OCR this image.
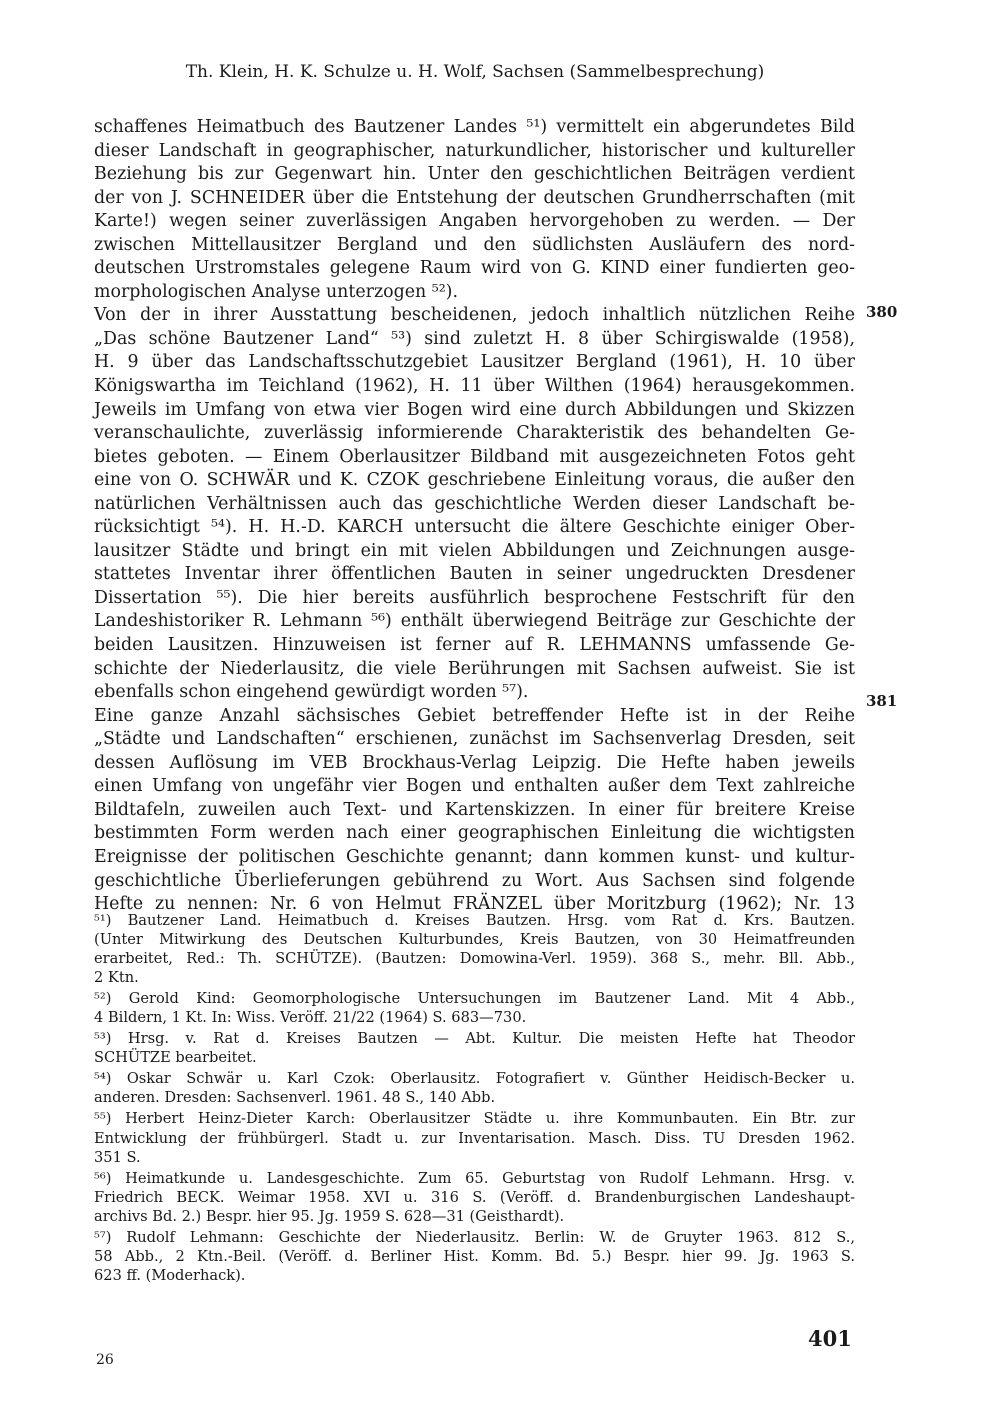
Th. Klein, H. K. Schulze u. H. Wolf, Sachsen (Sammelbesprechung)
schaffenes Heimatbuch des Bautzener Landes ⁵¹) vermittelt ein abgerundetes Bild
dieser Landschaft in geographischer, naturkundlicher, historischer und kultureller
Beziehung bis zur Gegenwart hin. Unter den geschichtlichen Beiträgen verdient
der von J. SCHNEIDER über die Entstehung der deutschen Grundherrschaften (mit
Karte!) wegen seiner zuverlässigen Angaben hervorgehoben zu werden. — Der
zwischen Mittellausitzer Bergland und den südlichsten Ausläufern des nord-
deutschen Urstromstales gelegene Raum wird von G. KIND einer fundierten geo-
morphologischen Analyse unterzogen ⁵²).
Von der in ihrer Ausstattung bescheidenen, jedoch inhaltlich nützlichen Reihe
„Das schöne Bautzener Land“ ⁵³) sind zuletzt H. 8 über Schirgiswalde (1958),
H. 9 über das Landschaftsschutzgebiet Lausitzer Bergland (1961), H. 10 über
Königswartha im Teichland (1962), H. 11 über Wilthen (1964) herausgekommen.
Jeweils im Umfang von etwa vier Bogen wird eine durch Abbildungen und Skizzen
veranschaulichte, zuverlässig informierende Charakteristik des behandelten Ge-
bietes geboten. — Einem Oberlausitzer Bildband mit ausgezeichneten Fotos geht
eine von O. SCHWÄR und K. CZOK geschriebene Einleitung voraus, die außer den
natürlichen Verhältnissen auch das geschichtliche Werden dieser Landschaft be-
rücksichtigt ⁵⁴). H. H.-D. KARCH untersucht die ältere Geschichte einiger Ober-
lausitzer Städte und bringt ein mit vielen Abbildungen und Zeichnungen ausge-
stattetes Inventar ihrer öffentlichen Bauten in seiner ungedruckten Dresdener
Dissertation ⁵⁵). Die hier bereits ausführlich besprochene Festschrift für den
Landeshistoriker R. Lehmann ⁵⁶) enthält überwiegend Beiträge zur Geschichte der
beiden Lausitzen. Hinzuweisen ist ferner auf R. LEHMANNS umfassende Ge-
schichte der Niederlausitz, die viele Berührungen mit Sachsen aufweist. Sie ist
ebenfalls schon eingehend gewürdigt worden ⁵⁷).
Eine ganze Anzahl sächsisches Gebiet betreffender Hefte ist in der Reihe
„Städte und Landschaften“ erschienen, zunächst im Sachsenverlag Dresden, seit
dessen Auflösung im VEB Brockhaus-Verlag Leipzig. Die Hefte haben jeweils
einen Umfang von ungefähr vier Bogen und enthalten außer dem Text zahlreiche
Bildtafeln, zuweilen auch Text- und Kartenskizzen. In einer für breitere Kreise
bestimmten Form werden nach einer geographischen Einleitung die wichtigsten
Ereignisse der politischen Geschichte genannt; dann kommen kunst- und kultur-
geschichtliche Überlieferungen gebührend zu Wort. Aus Sachsen sind folgende
Hefte zu nennen: Nr. 6 von Helmut FRÄNZEL über Moritzburg (1962); Nr. 13
380
381
⁵¹) Bautzener Land. Heimatbuch d. Kreises Bautzen. Hrsg. vom Rat d. Krs. Bautzen.
(Unter Mitwirkung des Deutschen Kulturbundes, Kreis Bautzen, von 30 Heimatfreunden
erarbeitet, Red.: Th. SCHÜTZE). (Bautzen: Domowina-Verl. 1959). 368 S., mehr. Bll. Abb.,
2 Ktn.
⁵²) Gerold Kind: Geomorphologische Untersuchungen im Bautzener Land. Mit 4 Abb.,
4 Bildern, 1 Kt. In: Wiss. Veröff. 21/22 (1964) S. 683—730.
⁵³) Hrsg. v. Rat d. Kreises Bautzen — Abt. Kultur. Die meisten Hefte hat Theodor
SCHÜTZE bearbeitet.
⁵⁴) Oskar Schwär u. Karl Czok: Oberlausitz. Fotografiert v. Günther Heidisch-Becker u.
anderen. Dresden: Sachsenverl. 1961. 48 S., 140 Abb.
⁵⁵) Herbert Heinz-Dieter Karch: Oberlausitzer Städte u. ihre Kommunbauten. Ein Btr. zur
Entwicklung der frühbürgerl. Stadt u. zur Inventarisation. Masch. Diss. TU Dresden 1962.
351 S.
⁵⁶) Heimatkunde u. Landesgeschichte. Zum 65. Geburtstag von Rudolf Lehmann. Hrsg. v.
Friedrich BECK. Weimar 1958. XVI u. 316 S. (Veröff. d. Brandenburgischen Landeshaupt-
archivs Bd. 2.) Bespr. hier 95. Jg. 1959 S. 628—31 (Geisthardt).
⁵⁷) Rudolf Lehmann: Geschichte der Niederlausitz. Berlin: W. de Gruyter 1963. 812 S.,
58 Abb., 2 Ktn.-Beil. (Veröff. d. Berliner Hist. Komm. Bd. 5.) Bespr. hier 99. Jg. 1963 S.
623 ff. (Moderhack).
26
401
